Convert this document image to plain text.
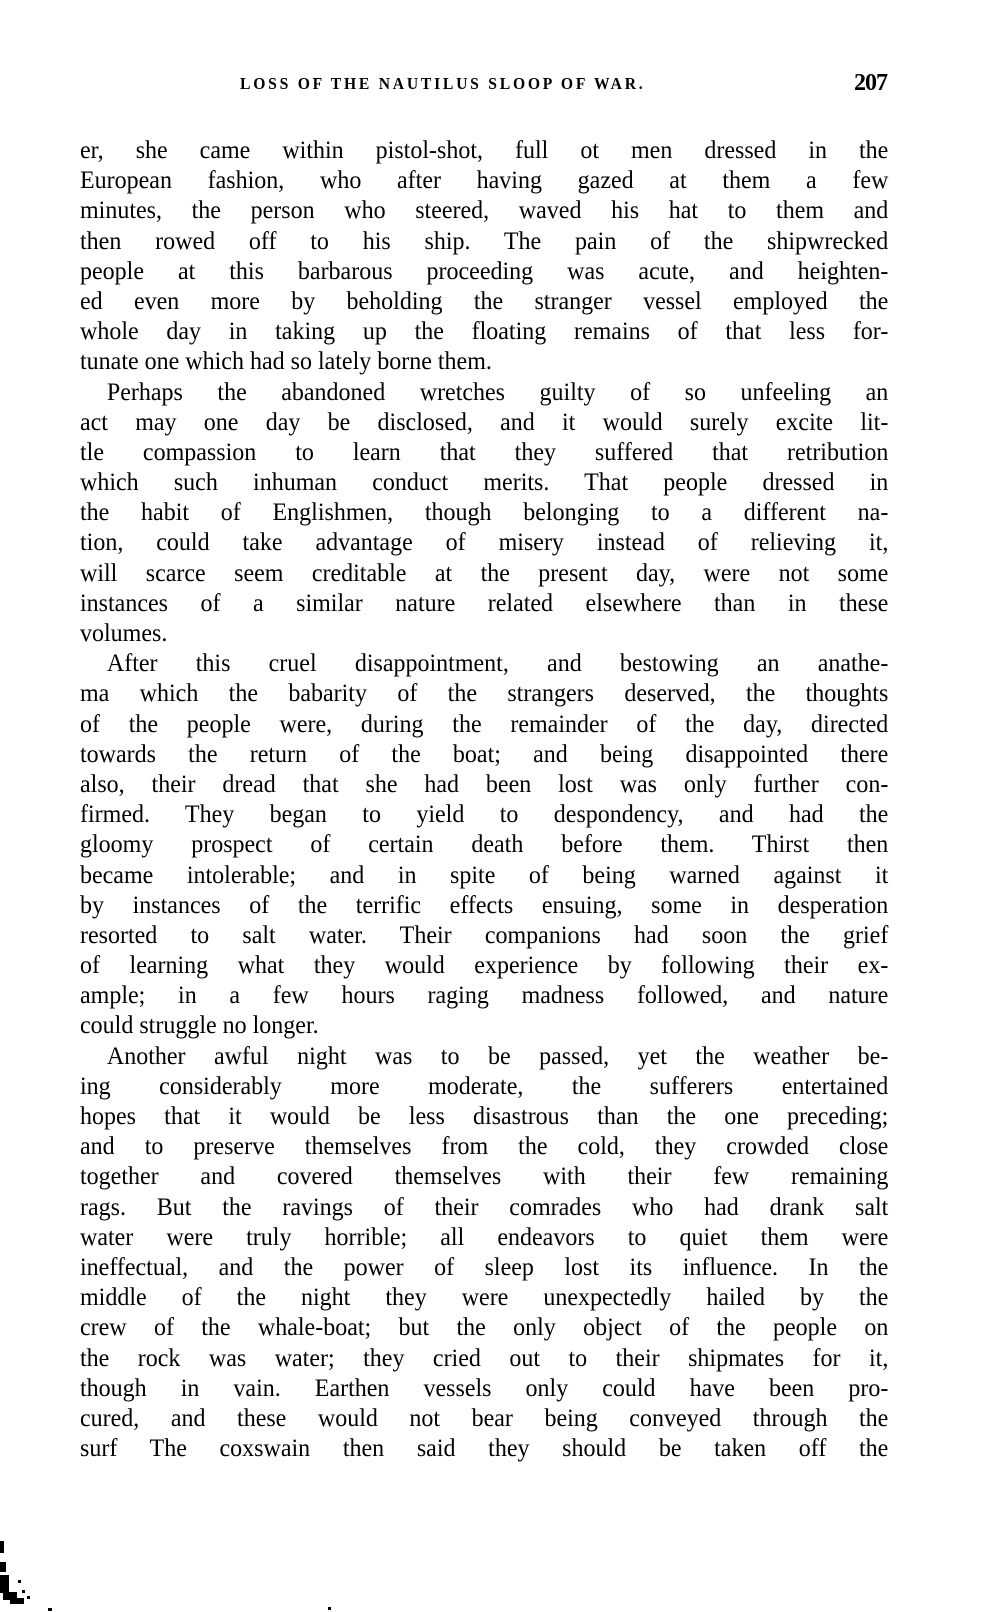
LOSS OF THE NAUTILUS SLOOP OF WAR.	207
er, she came within pistol-shot, full ot men dressed in the
European fashion, who after having gazed at them a few
minutes, the person who steered, waved his hat to them and
then rowed off to his ship. The pain of the shipwrecked
people at this barbarous proceeding was acute, and heighten-
ed even more by beholding the stranger vessel employed the
whole day in taking up the floating remains of that less for-
tunate one which had so lately borne them.
Perhaps the abandoned wretches guilty of so unfeeling an
act may one day be disclosed, and it would surely excite lit-
tle compassion to learn that they suffered that retribution
which such inhuman conduct merits. That people dressed in
the habit of Englishmen, though belonging to a different na-
tion, could take advantage of misery instead of relieving it,
will scarce seem creditable at the present day, were not some
instances of a similar nature related elsewhere than in these
volumes.
After this cruel disappointment, and bestowing an anathe-
ma which the babarity of the strangers deserved, the thoughts
of the people were, during the remainder of the day, directed
towards the return of the boat; and being disappointed there
also, their dread that she had been lost was only further con-
firmed. They began to yield to despondency, and had the
gloomy prospect of certain death before them. Thirst then
became intolerable; and in spite of being warned against it
by instances of the terrific effects ensuing, some in desperation
resorted to salt water. Their companions had soon the grief
of learning what they would experience by following their ex-
ample; in a few hours raging madness followed, and nature
could struggle no longer.
Another awful night was to be passed, yet the weather be-
ing considerably more moderate, the sufferers entertained
hopes that it would be less disastrous than the one preceding;
and to preserve themselves from the cold, they crowded close
together and covered themselves with their few remaining
rags. But the ravings of their comrades who had drank salt
water were truly horrible; all endeavors to quiet them were
ineffectual, and the power of sleep lost its influence. In the
middle of the night they were unexpectedly hailed by the
crew of the whale-boat; but the only object of the people on
the rock was water; they cried out to their shipmates for it,
though in vain. Earthen vessels only could have been pro-
cured, and these would not bear being conveyed through the
surf The coxswain then said they should be taken off the
